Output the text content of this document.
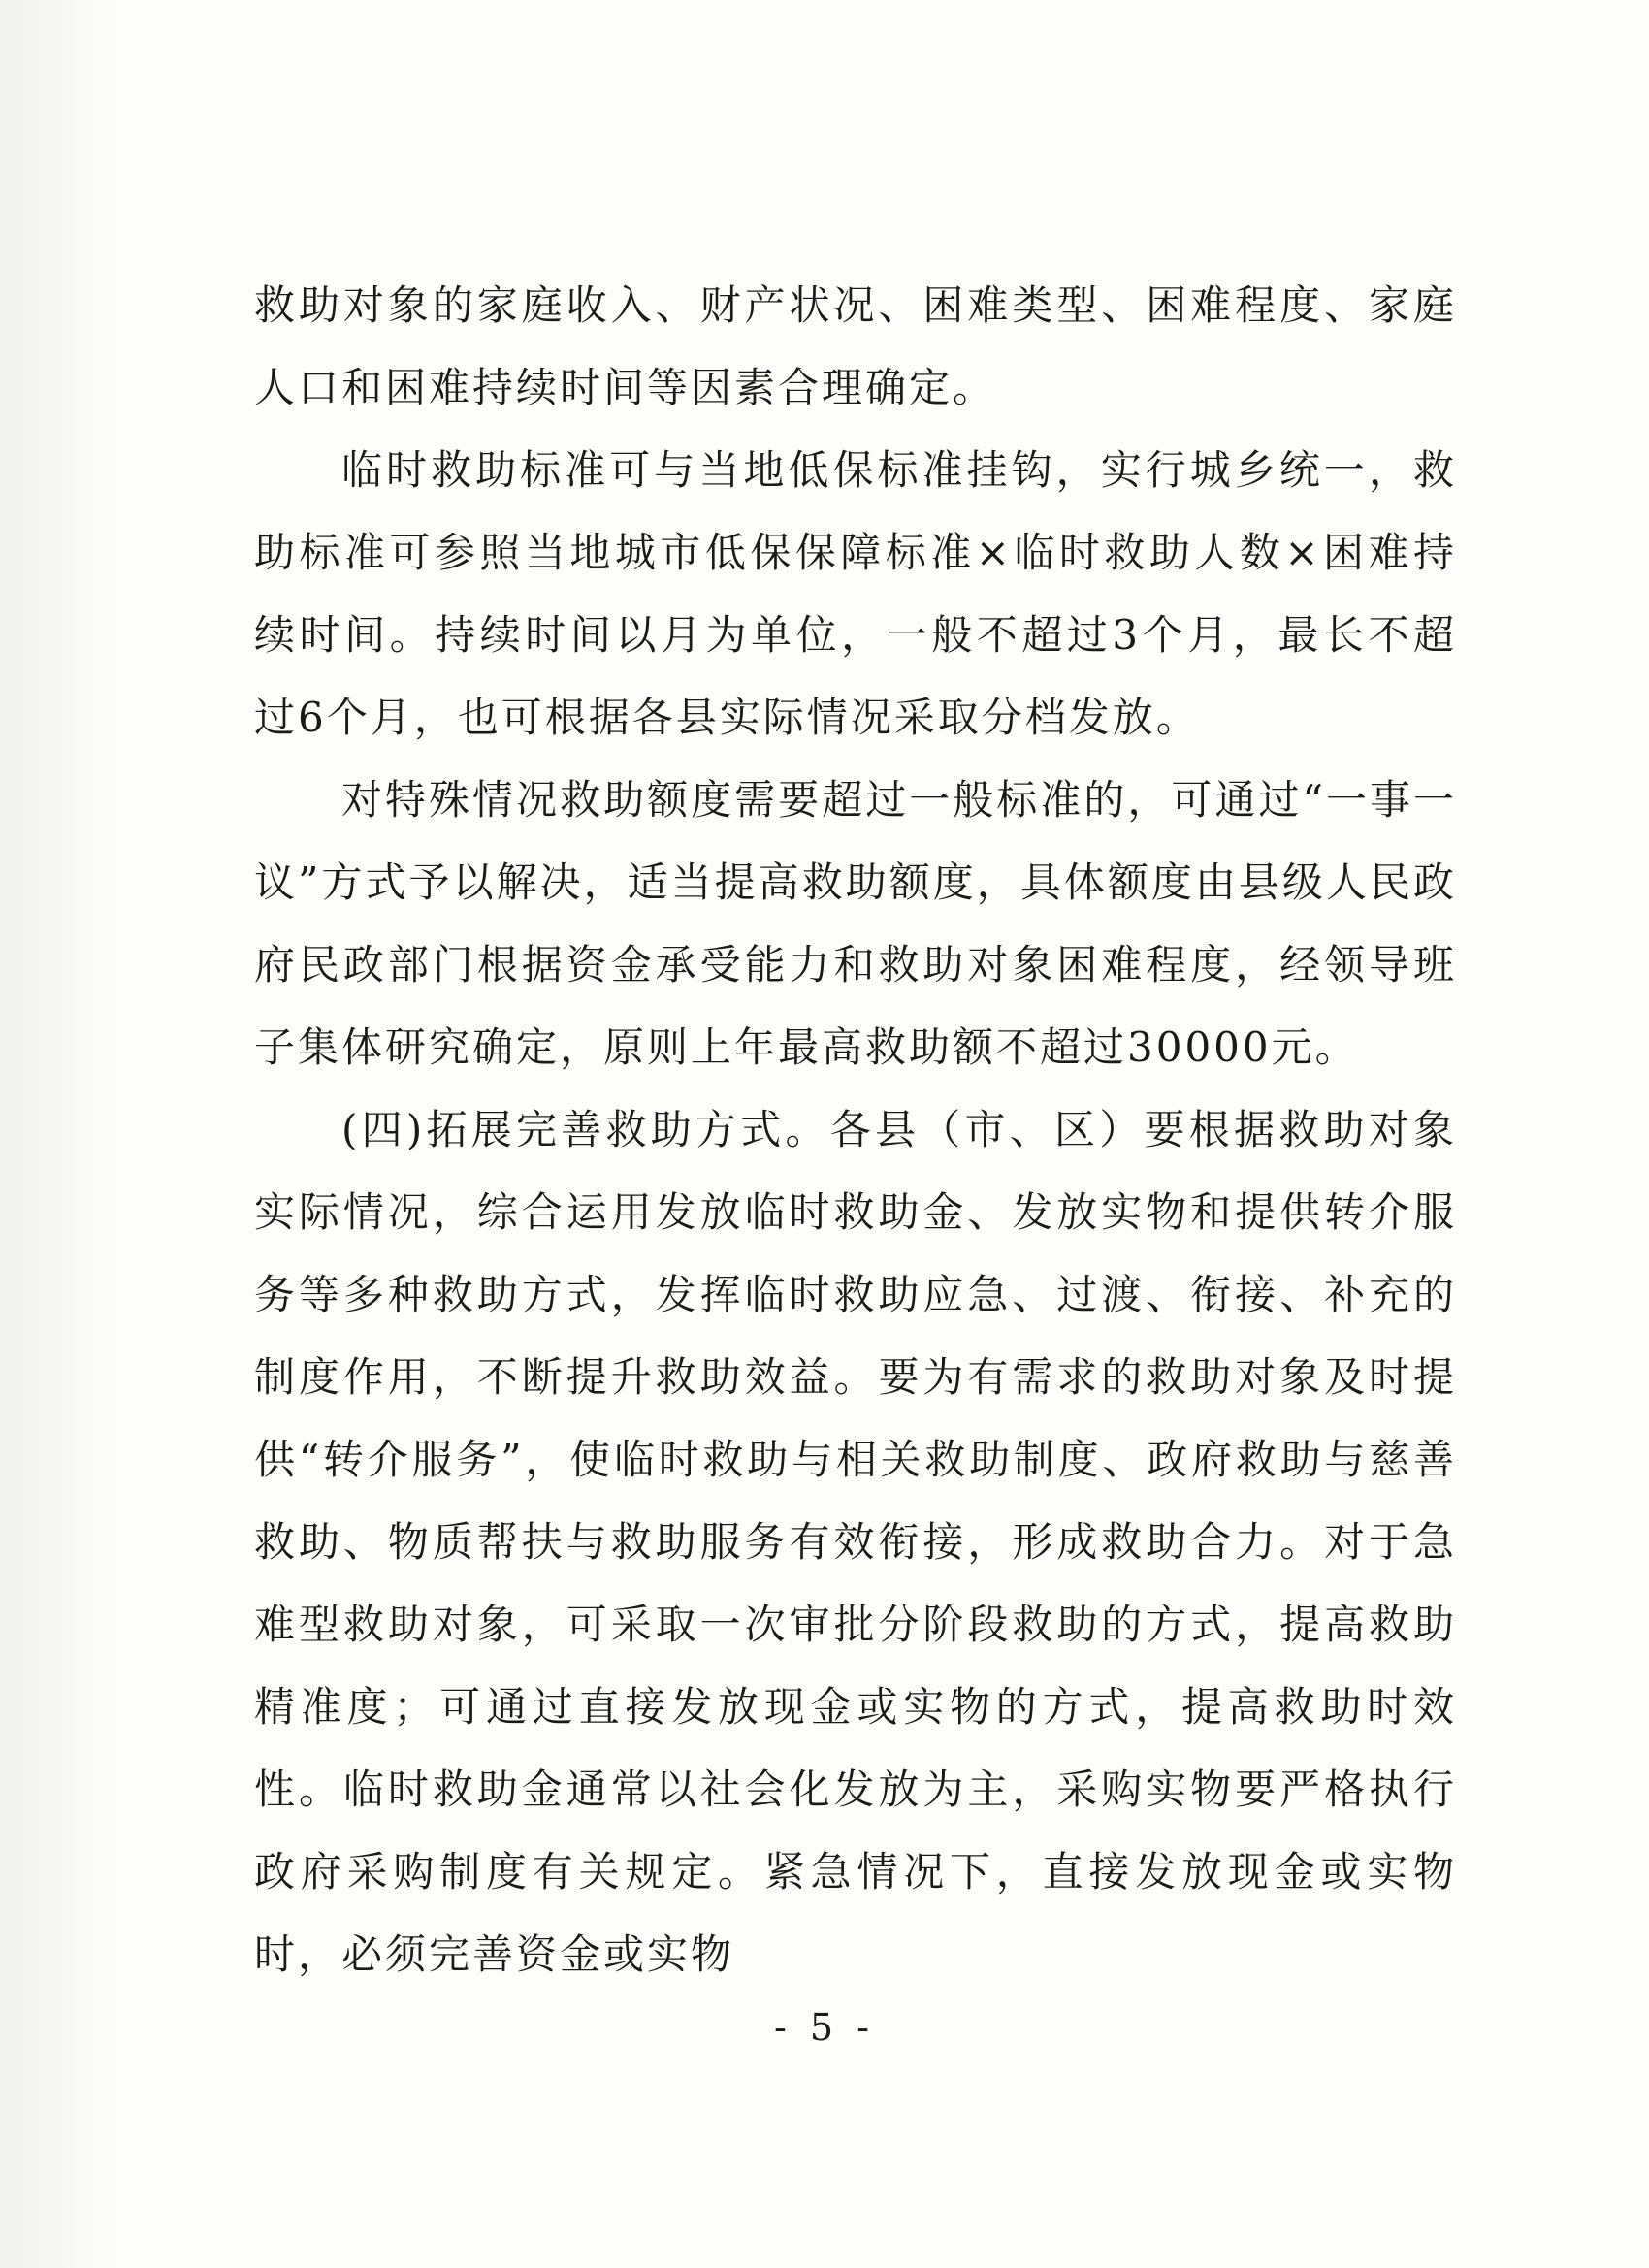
救助对象的家庭收入、财产状况、困难类型、困难程度、家庭人口和困难持续时间等因素合理确定。

临时救助标准可与当地低保标准挂钩，实行城乡统一，救助标准可参照当地城市低保保障标准×临时救助人数×困难持续时间。持续时间以月为单位，一般不超过3个月，最长不超过6个月，也可根据各县实际情况采取分档发放。

对特殊情况救助额度需要超过一般标准的，可通过“一事一议”方式予以解决，适当提高救助额度，具体额度由县级人民政府民政部门根据资金承受能力和救助对象困难程度，经领导班子集体研究确定，原则上年最高救助额不超过30000元。

(四)拓展完善救助方式。各县（市、区）要根据救助对象实际情况，综合运用发放临时救助金、发放实物和提供转介服务等多种救助方式，发挥临时救助应急、过渡、衔接、补充的制度作用，不断提升救助效益。要为有需求的救助对象及时提供“转介服务”，使临时救助与相关救助制度、政府救助与慈善救助、物质帮扶与救助服务有效衔接，形成救助合力。对于急难型救助对象，可采取一次审批分阶段救助的方式，提高救助精准度；可通过直接发放现金或实物的方式，提高救助时效性。临时救助金通常以社会化发放为主，采购实物要严格执行政府采购制度有关规定。紧急情况下，直接发放现金或实物时，必须完善资金或实物

- 5 -
